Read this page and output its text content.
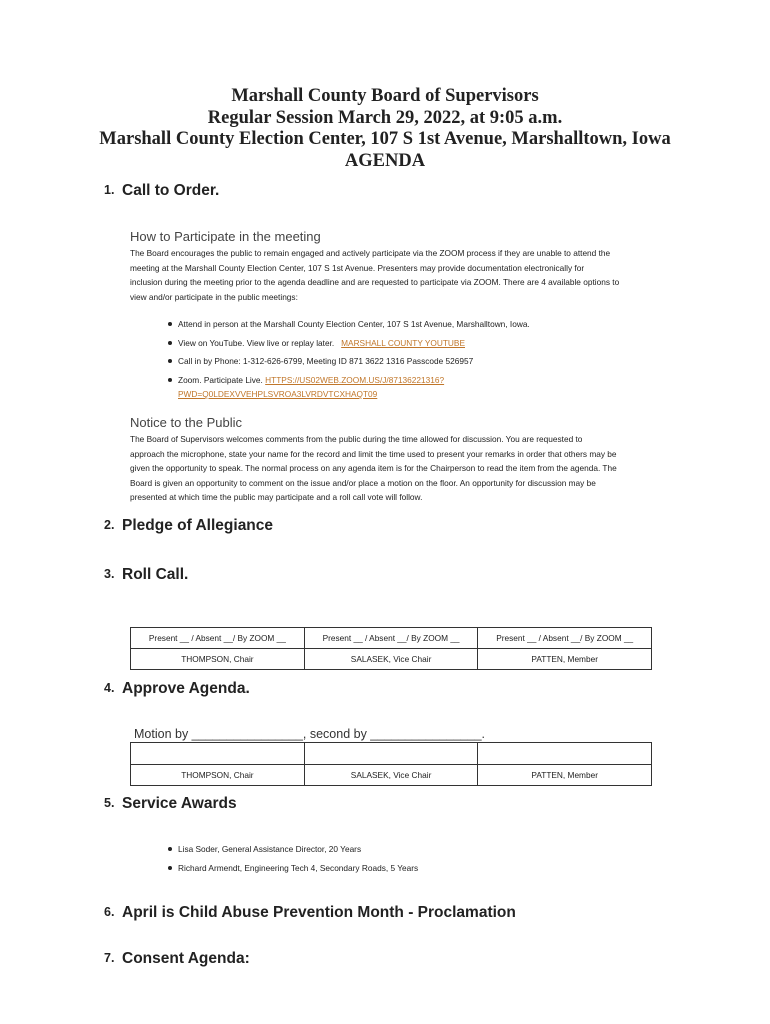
Marshall County Board of Supervisors
Regular Session March 29, 2022, at 9:05 a.m.
Marshall County Election Center, 107 S 1st Avenue, Marshalltown, Iowa
AGENDA
1. Call to Order.
How to Participate in the meeting
The Board encourages the public to remain engaged and actively participate via the ZOOM process if they are unable to attend the
meeting at the Marshall County Election Center, 107 S 1st Avenue. Presenters may provide documentation electronically for
inclusion during the meeting prior to the agenda deadline and are requested to participate via ZOOM. There are 4 available options to
view and/or participate in the public meetings:
Attend in person at the Marshall County Election Center, 107 S 1st Avenue, Marshalltown, Iowa.
View on YouTube. View live or replay later. MARSHALL COUNTY YOUTUBE
Call in by Phone: 1-312-626-6799, Meeting ID 871 3622 1316 Passcode 526957
Zoom. Participate Live. HTTPS://US02WEB.ZOOM.US/J/87136221316?
PWD=Q0LDEXVVEHPLSVROA3LVRDVTCXHAQT09
Notice to the Public
The Board of Supervisors welcomes comments from the public during the time allowed for discussion. You are requested to
approach the microphone, state your name for the record and limit the time used to present your remarks in order that others may be
given the opportunity to speak. The normal process on any agenda item is for the Chairperson to read the item from the agenda. The
Board is given an opportunity to comment on the issue and/or place a motion on the floor. An opportunity for discussion may be
presented at which time the public may participate and a roll call vote will follow.
2. Pledge of Allegiance
3. Roll Call.
Present __ / Absent __/ By ZOOM __	Present __ / Absent __/ By ZOOM __	Present __ / Absent __/ By ZOOM __
THOMPSON, Chair	SALASEK, Vice Chair	PATTEN, Member
4. Approve Agenda.
Motion by ________________, second by ________________.

THOMPSON, Chair	SALASEK, Vice Chair	PATTEN, Member
5. Service Awards
Lisa Soder, General Assistance Director, 20 Years
Richard Armendt, Engineering Tech 4, Secondary Roads, 5 Years
6. April is Child Abuse Prevention Month - Proclamation
7. Consent Agenda:
